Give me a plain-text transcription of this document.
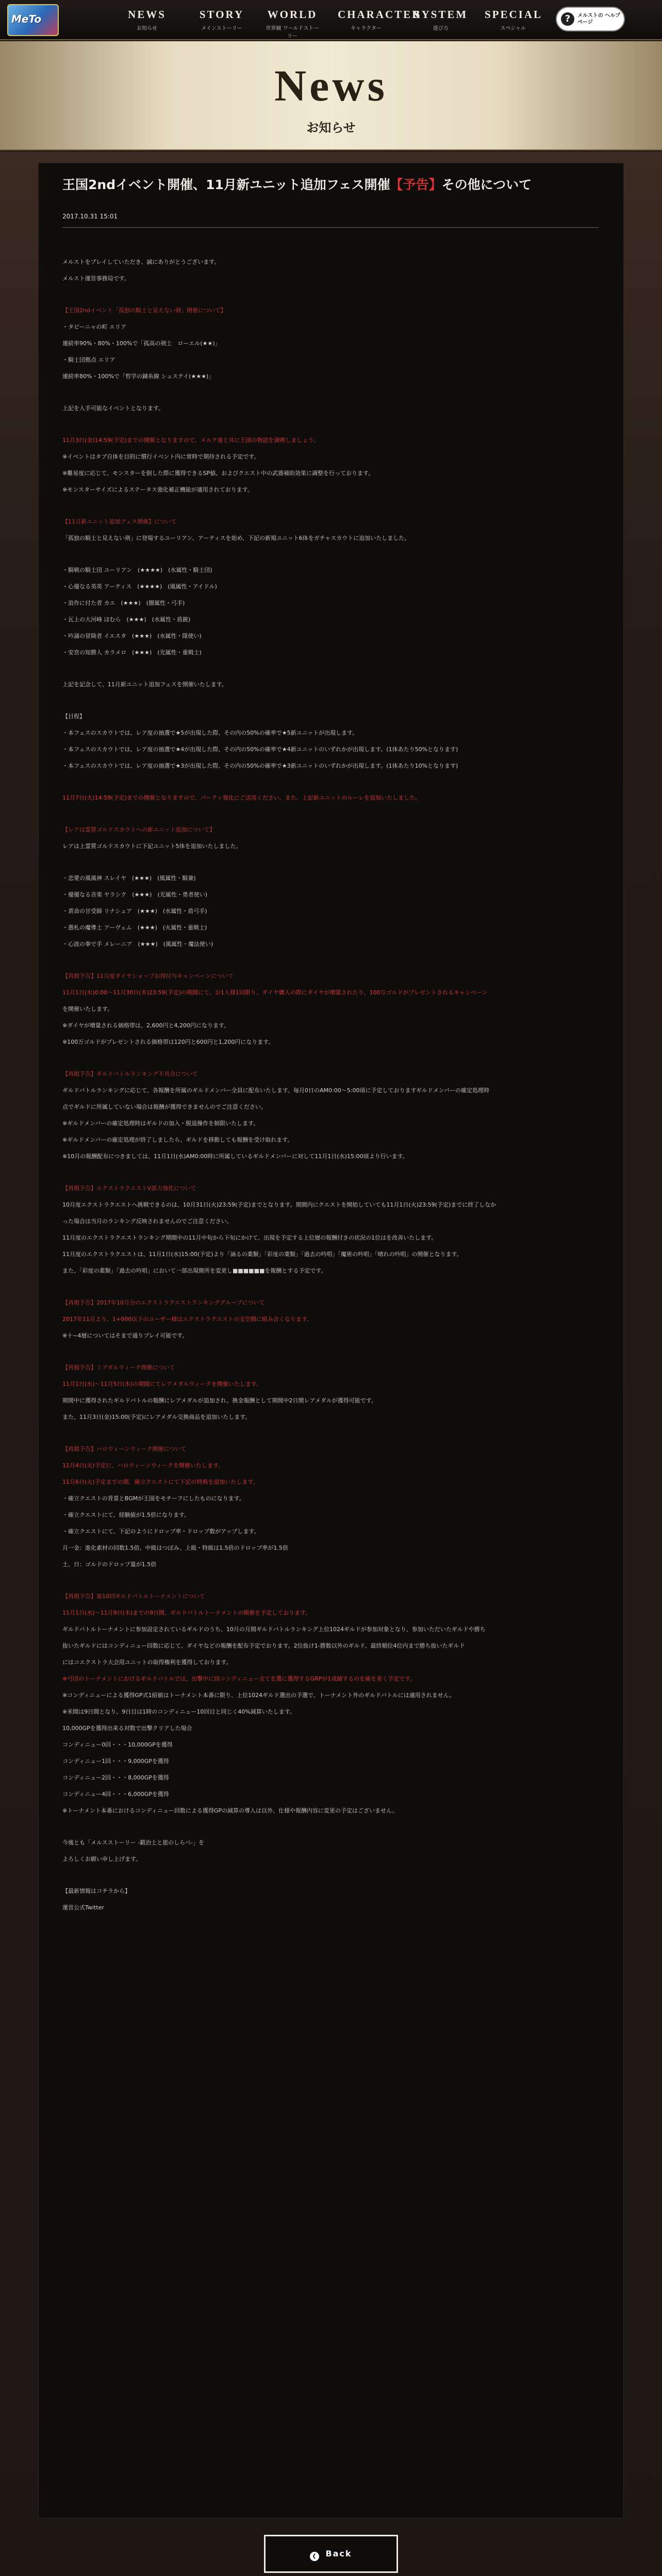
MeTo	NEWS
お知らせ
STORY
メインストーリー
WORLD
世界観 ワールドストーリー
CHARACTER
キャラクター
SYSTEM
遊び方
SPECIAL
スペシャル
?	メルストの ヘルプページ
News
お知らせ
王国2ndイベント開催、11月新ユニット追加フェス開催【予告】その他について
2017.10.31 15:01
メルストをプレイしていただき、誠にありがとうございます。
メルスト運営事務局です。
【王国2ndイベント「孤独の騎士と見えない剣」開催について】
・タビーニャの町 エリア
連続率90%・80%・100%で「孤高の剣士　ローエル(★★)」
・騎士団拠点 エリア
連続率80%・100%で「哲学の錬糸線 シュステイ(★★★)」
上記を入手可能なイベントとなります。
11月3日(金)14:59(予定)までの開催となりますので、メルク達と共に王国の物語を満喫しましょう。
※イベントはタブ自体を目的に慣行イベント内に常時で期待される予定です。
※難易度に応じて、モンスターを倒した際に獲得できるSP値、およびクエスト中の武器補助効果に調整を行っております。
※モンスターサイズによるステータス強化補正機能が適用されております。
【11月新ユニット追加フェス開催】について
「孤独の騎士と見えない剣」に登場するユーリアン、アーティスを始め、下記の新規ユニット6体をガチャスカウトに追加いたしました。
・騎戦の騎士団 ユーリアン　(★★★★)　(水属性・騎士団)
・心優なる英英 アーティス　(★★★★)　(風属性・アイドル)
・浪作に付た者 カエ　(★★★)　(闇属性・弓手)
・瓦上の大河峰 ほむら　(★★★)　(水属性・盾銃)
・吟誦の冒険者 イエスタ　(★★★)　(水属性・隊使い)
・安宮の知勝人 カラメロ　(★★★)　(光属性・重戦士)
上記を記念して、11月新ユニット追加フェスを開催いたします。
【目程】
・本フェスのスカウトでは、レア度の抽選で★5が出現した際、その内の50%の確率で★5新ユニットが出現します。
・本フェスのスカウトでは、レア度の抽選で★4が出現した際、その内の50%の確率で★4新ユニットのいずれかが出現します。(1体あたり50%となります)
・本フェスのスカウトでは、レア度の抽選で★3が出現した際、その内の50%の確率で★3新ユニットのいずれかが出現します。(1体あたり10%となります)
11月7日(火)14:59(予定)までの開催となりますので、パーティ強化にご活用ください。また、上記新ユニットのルーレを追加いたしました。
【レアは霊質ゴルドスカウトへの新ユニット追加について】
レアは上霊質ゴルドスカウトに下記ユニット5体を追加いたしました。
・恋愛の風風神 スレイヤ　(★★★)　(風属性・騎兼)
・優優なる音楽 ヤラシク　(★★★)　(光属性・勇者使い)
・黄命の甘受師 リナシュア　(★★★)　(水属性・盾弓手)
・愚札の魔導士 アーヴェム　(★★★)　(火属性・重戦士)
・心波の拳で手 メレーニア　(★★★)　(風属性・魔法使い)
【再掲予告】11月度ダイヤショップお得付与キャンペーンについて
11月1日(水)0:00～11月30日(木)23:59(予定)の期間にて、お1人様1回限り、ダイヤ購入の際にダイヤが増量されたり、100万ゴルドがプレゼントされるキャンペーン
を開催いたします。
※ダイヤが増量される価格帯は、2,600円と4,200円になります。
※100万ゴルドがプレゼントされる価格帯は120円と600円と1,200円になります。
【再掲予告】ギルドバトルランキング不具合について
ギルドバトルランキングに応じて、各報酬を所属のギルドメンバー全員に配布いたします。毎月0日のAM0:00～5:00頃に予定しておりますギルドメンバーの確定処理時
点でギルドに所属していない場合は報酬が獲得できませんのでご注意ください。
※ギルドメンバーの確定処理時はギルドの加入・脱退操作を制限いたします。
※ギルドメンバーの確定処理が終了しましたら、ギルドを移動しても報酬を受け取れます。
※10月の報酬配布につきましては、11月1日(水)AM0:00時に所属しているギルドメンバーに対して11月1日(水)15:00頃より行います。
【再掲予告】エクストラクエストV部力強化について
10月度エクストラクエストへ挑戦できるのは、10月31日(火)23:59(予定)までとなります。期間内にクエストを開始していても11月1日(火)23:59(予定)までに終了しなか
った場合は当月のランキング反映されませんのでご注意ください。
11月度のエクストラクエストランキング期間中の11月中旬から下旬にかけて、出現を予定する上位層の報酬付きの状況の1位はを改善いたします。
11月度のエクストラクエストは、11月1日(水)15:00(予定)より「滴るの薬類」「彩度の薬類」「過去の吟唱」「魔術の吟唱」「晴れの吟唱」の開催となります。
また、「彩度の薬類」「過去の吟唱」において一部出現箇所を変更し■■■■■■を報酬とする予定です。
【再掲予告】2017年10月分のエクストラクエストランキンググループについて
2017年11月より、1+000以下のユーザー様はエクストラクエストの支空間に組み合くなります。
※十~4層についてはそまで通りプレイ可能です。
【再掲予告】ミアダルウィーク開催について
11月1日(水)～11月5日(木)の期間にてレアメダルウィークを開催いたします。
期間中に獲得されたギルドバトルの報酬にレアメダルが追加され、換金報酬として期間中2日間レアメダルが獲得可能です。
また、11月3日(金)15:00(予定)にレアメダル交換商品を追加いたします。
【再掲予告】ハロウィーンウィーク開催について
11月4日(火)予定に、ハロウィーンウィークを開催いたします。
11月6日(火)予定までの間、確立クエストにて下記の特典を追加いたします。
・確立クエストの背景とBGMが王国をモチーフにしたものになります。
・確立クエストにて、経験値が1.5倍になります。
・確立クエストにて、下記のようにドロップ率・ドロップ数がアップします。
月一金：進化素材の回数1.5倍、中級はつぼみ、上級・特級は1.5倍のドロップ率が1.5倍
土、日：ゴルドのドロップ量が1.5倍
【再掲予告】第10回ギルドバトルトーナメントについて
11月1日(水)～11月9日(木)までの9日間、ギルドバトルトーナメントの開催を予定しております。
ギルドバトルトーナメントに参加設定されているギルドのうち、10月の月間ギルドバトルランキング上位1024ギルドが参加対象となり、参加いただいたギルドや勝ち
抜いたギルドにはコンディニュー回数に応じて、ダイヤなどの報酬を配布予定でおります。2位抜け1-勝数以外のギルド、最終順位4位内まで勝ち抜いたギルド
にはコエクストラ大会用ユニットの取得権利を獲得しております。
※弓団のトーナメントにおけるギルドバトルでは、出撃中に回コンディニュー全てを選に獲得するGRPが1成績するのを確を省く予定です。
※コンディニューによる獲得GP式1紹値はトーナメント本番に限り、上位1024ギルド選出の予選で、トーナメント外のギルドバトルには適用されません。
※米間は9日間となり、9日目は1時のコンディニュー10回目と同じく40%減算いたします。
10,000GPを獲得出来る対数で出撃クリアした場合
コンディニュー0回・・・10,000GPを獲得
コンディニュー1回・・・9,000GPを獲得
コンディニュー2回・・・8,000GPを獲得
コンディニュー4回・・・6,000GPを獲得
※トーナメント本番におけるコンディニュー回数による獲得GPの減算の導入は以外、仕様や報酬内容に変更の予定はございません。
今後とも「メルスストーリー -鍛冶士と旅のしらべ-」を
よろしくお願い申し上げます。
【最新情報はコチラから】
運営公式Twitter
❮ Back
